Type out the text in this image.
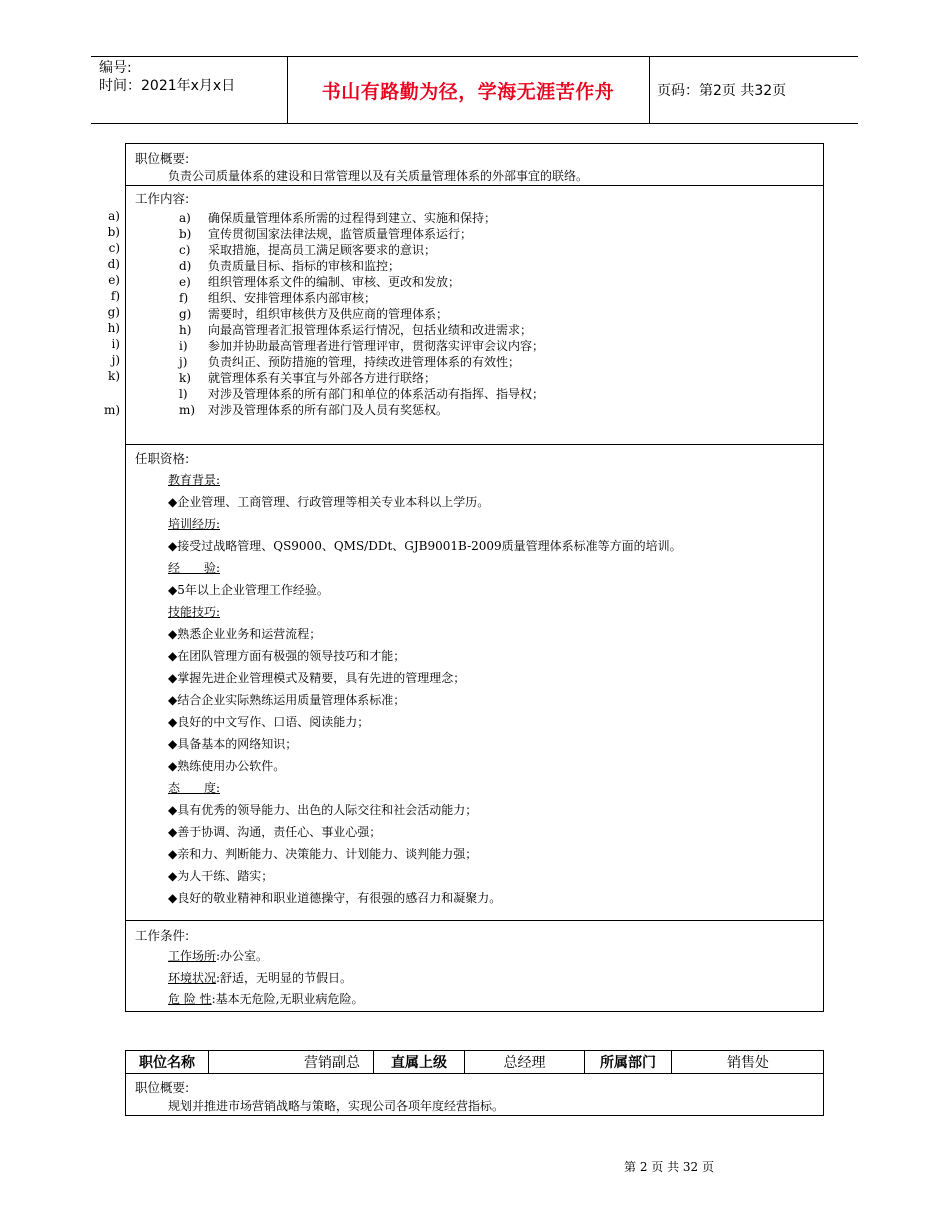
编号:
时间：2021年x月x日	书山有路勤为径，学海无涯苦作舟	页码：第2页 共32页
a)
b)
c)
d)
e)
f)
g)
h)
i)
j)
k)
m)
职位概要:
负责公司质量体系的建设和日常管理以及有关质量管理体系的外部事宜的联络。
工作内容:
a)	确保质量管理体系所需的过程得到建立、实施和保持；
b)	宣传贯彻国家法律法规，监管质量管理体系运行；
c)	采取措施，提高员工满足顾客要求的意识；
d)	负责质量目标、指标的审核和监控；
e)	组织管理体系文件的编制、审核、更改和发放；
f)	组织、安排管理体系内部审核；
g)	需要时，组织审核供方及供应商的管理体系；
h)	向最高管理者汇报管理体系运行情况，包括业绩和改进需求；
i)	参加并协助最高管理者进行管理评审，贯彻落实评审会议内容；
j)	负责纠正、预防措施的管理，持续改进管理体系的有效性；
k)	就管理体系有关事宜与外部各方进行联络；
l)	对涉及管理体系的所有部门和单位的体系活动有指挥、指导权；
m)	对涉及管理体系的所有部门及人员有奖惩权。
任职资格:
教育背景:
◆企业管理、工商管理、行政管理等相关专业本科以上学历。
培训经历:
◆接受过战略管理、QS9000、QMS/DDt、GJB9001B-2009质量管理体系标准等方面的培训。
经　　验:
◆5年以上企业管理工作经验。
技能技巧:
◆熟悉企业业务和运营流程；
◆在团队管理方面有极强的领导技巧和才能；
◆掌握先进企业管理模式及精要，具有先进的管理理念；
◆结合企业实际熟练运用质量管理体系标准；
◆良好的中文写作、口语、阅读能力；
◆具备基本的网络知识；
◆熟练使用办公软件。
态　　度:
◆具有优秀的领导能力、出色的人际交往和社会活动能力；
◆善于协调、沟通，责任心、事业心强；
◆亲和力、判断能力、决策能力、计划能力、谈判能力强；
◆为人干练、踏实；
◆良好的敬业精神和职业道德操守，有很强的感召力和凝聚力。
工作条件:
工作场所:办公室。
环境状况:舒适，无明显的节假日。
危 险 性:基本无危险,无职业病危险。
职位名称	营销副总	直属上级	总经理	所属部门	销售处
职位概要:
规划并推进市场营销战略与策略，实现公司各项年度经营指标。
第 2 页 共 32 页
